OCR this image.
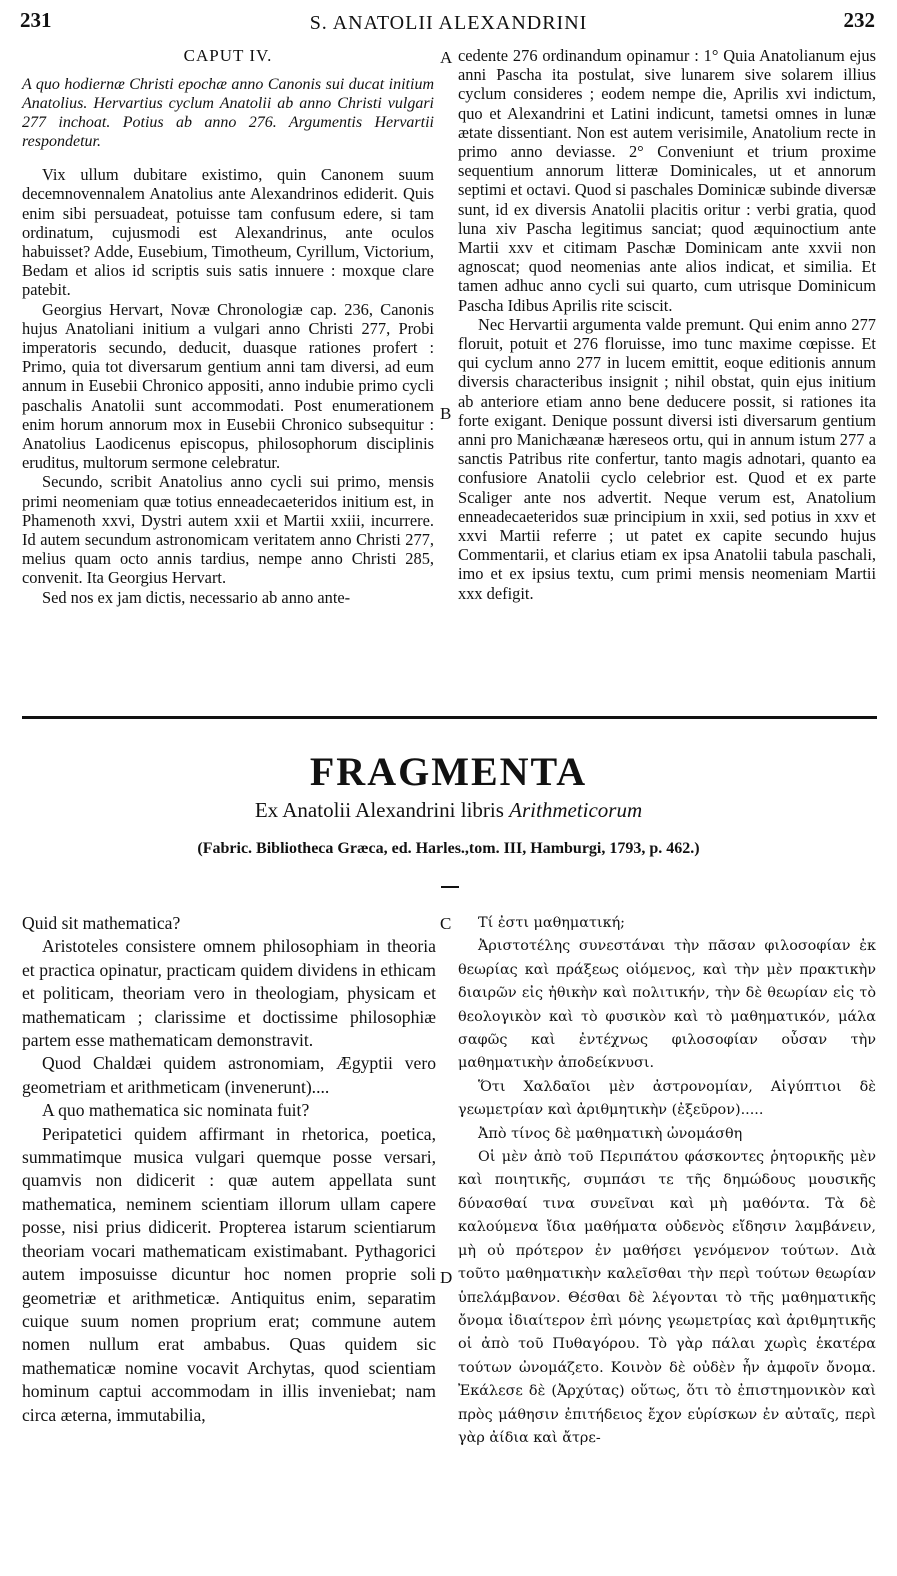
231	S. ANATOLII ALEXANDRINI	232

CAPUT IV.

A quo hodiernæ Christi epochæ anno Canonis sui ducat initium Anatolius. Hervartius cyclum Anatolii ab anno Christi vulgari 277 inchoat. Potius ab anno 276. Argumentis Hervartii respondetur.

Vix ullum dubitare existimo, quin Canonem suum decemnovennalem Anatolius ante Alexandrinos ediderit. Quis enim sibi persuadeat, potuisse tam confusum edere, si tam ordinatum, cujusmodi est Alexandrinus, ante oculos habuisset? Adde, Eusebium, Timotheum, Cyrillum, Victorium, Bedam et alios id scriptis suis satis innuere : moxque clare patebit.

Georgius Hervart, Novæ Chronologiæ cap. 236, Canonis hujus Anatoliani initium a vulgari anno Christi 277, Probi imperatoris secundo, deducit, duasque rationes profert : Primo, quia tot diversarum gentium anni tam diversi, ad eum annum in Eusebii Chronico appositi, anno indubie primo cycli paschalis Anatolii sunt accommodati. Post enumerationem enim horum annorum mox in Eusebii Chronico subsequitur : Anatolius Laodicenus episcopus, philosophorum disciplinis eruditus, multorum sermone celebratur.

Secundo, scribit Anatolius anno cycli sui primo, mensis primi neomeniam quæ totius enneadecaeteridos initium est, in Phamenoth xxvi, Dystri autem xxii et Martii xxiii, incurrere. Id autem secundum astronomicam veritatem anno Christi 277, melius quam octo annis tardius, nempe anno Christi 285, convenit. Ita Georgius Hervart.

Sed nos ex jam dictis, necessario ab anno ante-

cedente 276 ordinandum opinamur : 1° Quia Anatolianum ejus anni Pascha ita postulat, sive lunarem sive solarem illius cyclum consideres ; eodem nempe die, Aprilis xvi indictum, quo et Alexandrini et Latini indicunt, tametsi omnes in lunæ ætate dissentiant. Non est autem verisimile, Anatolium recte in primo anno deviasse. 2° Conveniunt et trium proxime sequentium annorum litteræ Dominicales, ut et annorum septimi et octavi. Quod si paschales Dominicæ subinde diversæ sunt, id ex diversis Anatolii placitis oritur : verbi gratia, quod luna xiv Pascha legitimus sanciat; quod æquinoctium ante Martii xxv et citimam Paschæ Dominicam ante xxvii non agnoscat; quod neomenias ante alios indicat, et similia. Et tamen adhuc anno cycli sui quarto, cum utrisque Dominicum Pascha Idibus Aprilis rite sciscit.

Nec Hervartii argumenta valde premunt. Qui enim anno 277 floruit, potuit et 276 floruisse, imo tunc maxime cœpisse. Et qui cyclum anno 277 in lucem emittit, eoque editionis annum diversis characteribus insignit ; nihil obstat, quin ejus initium ab anteriore etiam anno bene deducere possit, si rationes ita forte exigant. Denique possunt diversi isti diversarum gentium anni pro Manichæanæ hæreseos ortu, qui in annum istum 277 a sanctis Patribus rite confertur, tanto magis adnotari, quanto ea confusiore Anatolii cyclo celebrior est. Quod et ex parte Scaliger ante nos advertit. Neque verum est, Anatolium enneadecaeteridos suæ principium in xxii, sed potius in xxv et xxvi Martii referre ; ut patet ex capite secundo hujus Commentarii, et clarius etiam ex ipsa Anatolii tabula paschali, imo et ex ipsius textu, cum primi mensis neomeniam Martii xxx defigit.

A
B
C
D
FRAGMENTA
Ex Anatolii Alexandrini libris Arithmeticorum
(Fabric. Bibliotheca Græca, ed. Harles.,tom. III, Hamburgi, 1793, p. 462.)

Quid sit mathematica?

Aristoteles consistere omnem philosophiam in theoria et practica opinatur, practicam quidem dividens in ethicam et politicam, theoriam vero in theologiam, physicam et mathematicam ; clarissime et doctissime philosophiæ partem esse mathematicam demonstravit.

Quod Chaldæi quidem astronomiam, Ægyptii vero geometriam et arithmeticam (invenerunt)....

A quo mathematica sic nominata fuit?

Peripatetici quidem affirmant in rhetorica, poetica, summatimque musica vulgari quemque posse versari, quamvis non didicerit : quæ autem appellata sunt mathematica, neminem scientiam illorum ullam capere posse, nisi prius didicerit. Propterea istarum scientiarum theoriam vocari mathematicam existimabant. Pythagorici autem imposuisse dicuntur hoc nomen proprie soli geometriæ et arithmeticæ. Antiquitus enim, separatim cuique suum nomen proprium erat; commune autem nomen nullum erat ambabus. Quas quidem sic mathematicæ nomine vocavit Archytas, quod scientiam hominum captui accommodam in illis inveniebat; nam circa æterna, immutabilia,

Τί ἐστι μαθηματική;

Ἀριστοτέλης συνεστάναι τὴν πᾶσαν φιλοσοφίαν ἐκ θεωρίας καὶ πράξεως οἰόμενος, καὶ τὴν μὲν πρακτικὴν διαιρῶν εἰς ἠθικὴν καὶ πολιτικήν, τὴν δὲ θεωρίαν εἰς τὸ θεολογικὸν καὶ τὸ φυσικὸν καὶ τὸ μαθηματικόν, μάλα σαφῶς καὶ ἐντέχνως φιλοσοφίαν οὖσαν τὴν μαθηματικὴν ἀποδείκνυσι.

Ὅτι Χαλδαῖοι μὲν ἀστρονομίαν, Αἰγύπτιοι δὲ γεωμετρίαν καὶ ἀριθμητικὴν (ἐξεῦρον).....

Ἀπὸ τίνος δὲ μαθηματικὴ ὠνομάσθη

Οἱ μὲν ἀπὸ τοῦ Περιπάτου φάσκοντες ῥητορικῆς μὲν καὶ ποιητικῆς, συμπάσι τε τῆς δημώδους μουσικῆς δύνασθαί τινα συνεῖναι καὶ μὴ μαθόντα. Τὰ δὲ καλούμενα ἴδια μαθήματα οὐδενὸς εἴδησιν λαμβάνειν, μὴ οὐ πρότερον ἐν μαθήσει γενόμενον τούτων. Διὰ τοῦτο μαθηματικὴν καλεῖσθαι τὴν περὶ τούτων θεωρίαν ὑπελάμβανον. Θέσθαι δὲ λέγονται τὸ τῆς μαθηματικῆς ὄνομα ἰδιαίτερον ἐπὶ μόνης γεωμετρίας καὶ ἀριθμητικῆς οἱ ἀπὸ τοῦ Πυθαγόρου. Τὸ γὰρ πάλαι χωρὶς ἑκατέρα τούτων ὠνομάζετο. Κοινὸν δὲ οὐδὲν ἦν ἀμφοῖν ὄνομα. Ἐκάλεσε δὲ (Ἀρχύτας) οὕτως, ὅτι τὸ ἐπιστημονικὸν καὶ πρὸς μάθησιν ἐπιτήδειος ἔχον εὑρίσκων ἐν αὐταῖς, περὶ γὰρ ἀίδια καὶ ἄτρε-
